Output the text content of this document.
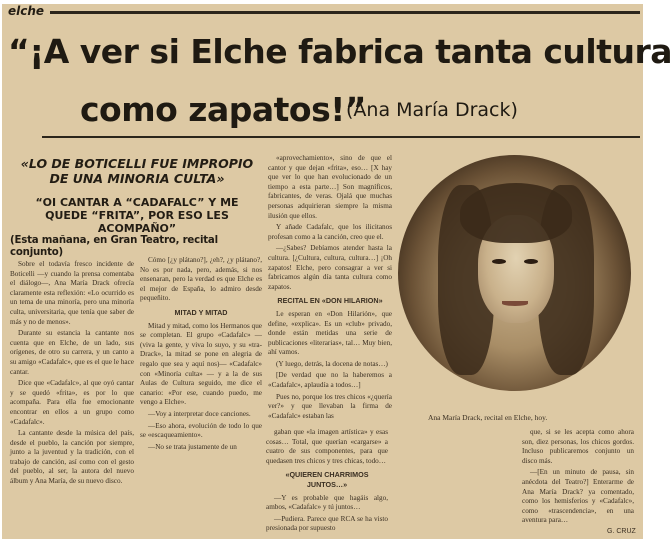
elche
“¡A ver si Elche fabrica tanta cultura
como zapatos!”
(Ana María Drack)
«LO DE BOTICELLI FUE IMPROPIO DE UNA MINORIA CULTA»
“OI CANTAR A “CADAFALC” Y ME QUEDE “FRITA”, POR ESO LES ACOMPAÑO”
(Esta mañana, en Gran Teatro, recital conjunto)

Sobre el todavía fresco incidente de Boticelli —y cuando la prensa comentaba el diálogo—, Ana María Drack ofrecía claramente esta reflexión: «Lo ocurrido es un tema de una minoría, pero una minoría culta, universitaria, que tenía que saber de más y no de menos».

Durante su estancia la cantante nos cuenta que en Elche, de un lado, sus orígenes, de otro su carrera, y un canto a su amigo «Cadafalc», que es el que le hace cantar.

Dice que «Cadafalc», al que oyó cantar y se quedó «frita», es por lo que acompaña. Para ella fue emocionante encontrar en ellos a un grupo como «Cadafalc».

La cantante desde la música del país, desde el pueblo, la canción por siempre, junto a la juventud y la tradición, con el trabajo de canción, así como con el gesto del pueblo, al ser, la autora del nuevo álbum y Ana María, de su nuevo disco.

Cómo [¿y plátano?], ¿eh?, ¿y plátano?, No es por nada, pero, además, si nos ensenaran, pero la verdad es que Elche es el mejor de España, lo admiro desde pequeñito.

MITAD Y MITAD

Mitad y mitad, como los Hermanos que se completan. El grupo «Cadafalc» —(viva la gente, y viva lo suyo, y su «tra-Drack», la mitad se pone en alegria de regalo que sea y aquí nos)— «Cadafalc» con «Minoría culta» — y a la de sus Aulas de Cultura seguido, me dice el canario: «Por ese, cuando puedo, me vengo a Elche».

—Voy a interpretar doce canciones.

—Eso ahora, evolución de todo lo que se «escaqueamiento».

—No se trata justamente de un

«aprovechamiento», sino de que el cantor y que dejan «frita», eso… [X hay que ver lo que han evolucionado de un tiempo a esta parte…] Son magníficos, fabricantes, de veras. Ojalá que muchas personas adquirieran siempre la misma ilusión que ellos.

Y añade Cadafalc, que los ilicitanos profesan como a la canción, creo que el.

—¿Sabes? Debíamos atender hasta la cultura. [¿Cultura, cultura, cultura…] ¡Oh zapatos! Elche, pero consagrar a ver si fabricamos algún día tanta cultura como zapatos.

RECITAL EN «DON HILARION»

Le esperan en «Don Hilarión», que define, «explica». Es un «club» privado, donde están metidas una serie de publicaciones «literarias», tal… Muy bien, ahí vamos.

(Y luego, detrás, la docena de notas…)

[De verdad que no la haberemos a «Cadafalc», aplaudía a todos…]

Pues no, porque los tres chicos «¿quería ver?» y que llevaban la firma de «Cadafalc» estaban las	Ana María Drack, recital en Elche, hoy.

gaban que «la imagen artística» y esas cosas… Total, que querían «cargarse» a cuatro de sus componentes, para que quedasen tres chicos y tres chicas, todo…

«QUIEREN CHARRIMOS JUNTOS…»

—Y es probable que hagáis algo, ambos, «Cadafalc» y tú juntos…

—Pudiera. Parece que RCA se ha visto presionada por supuesto

que, si se les acepta como ahora son, diez personas, los chicos gordos. Incluso publicaremos conjunto un disco más.

—[En un minuto de pausa, sin anécdota del Teatro?] Enterarme de Ana María Drack? ya comentado, como los hemisferios y «Cadafalc», como «trascendencia», en una aventura para…

G. CRUZ
